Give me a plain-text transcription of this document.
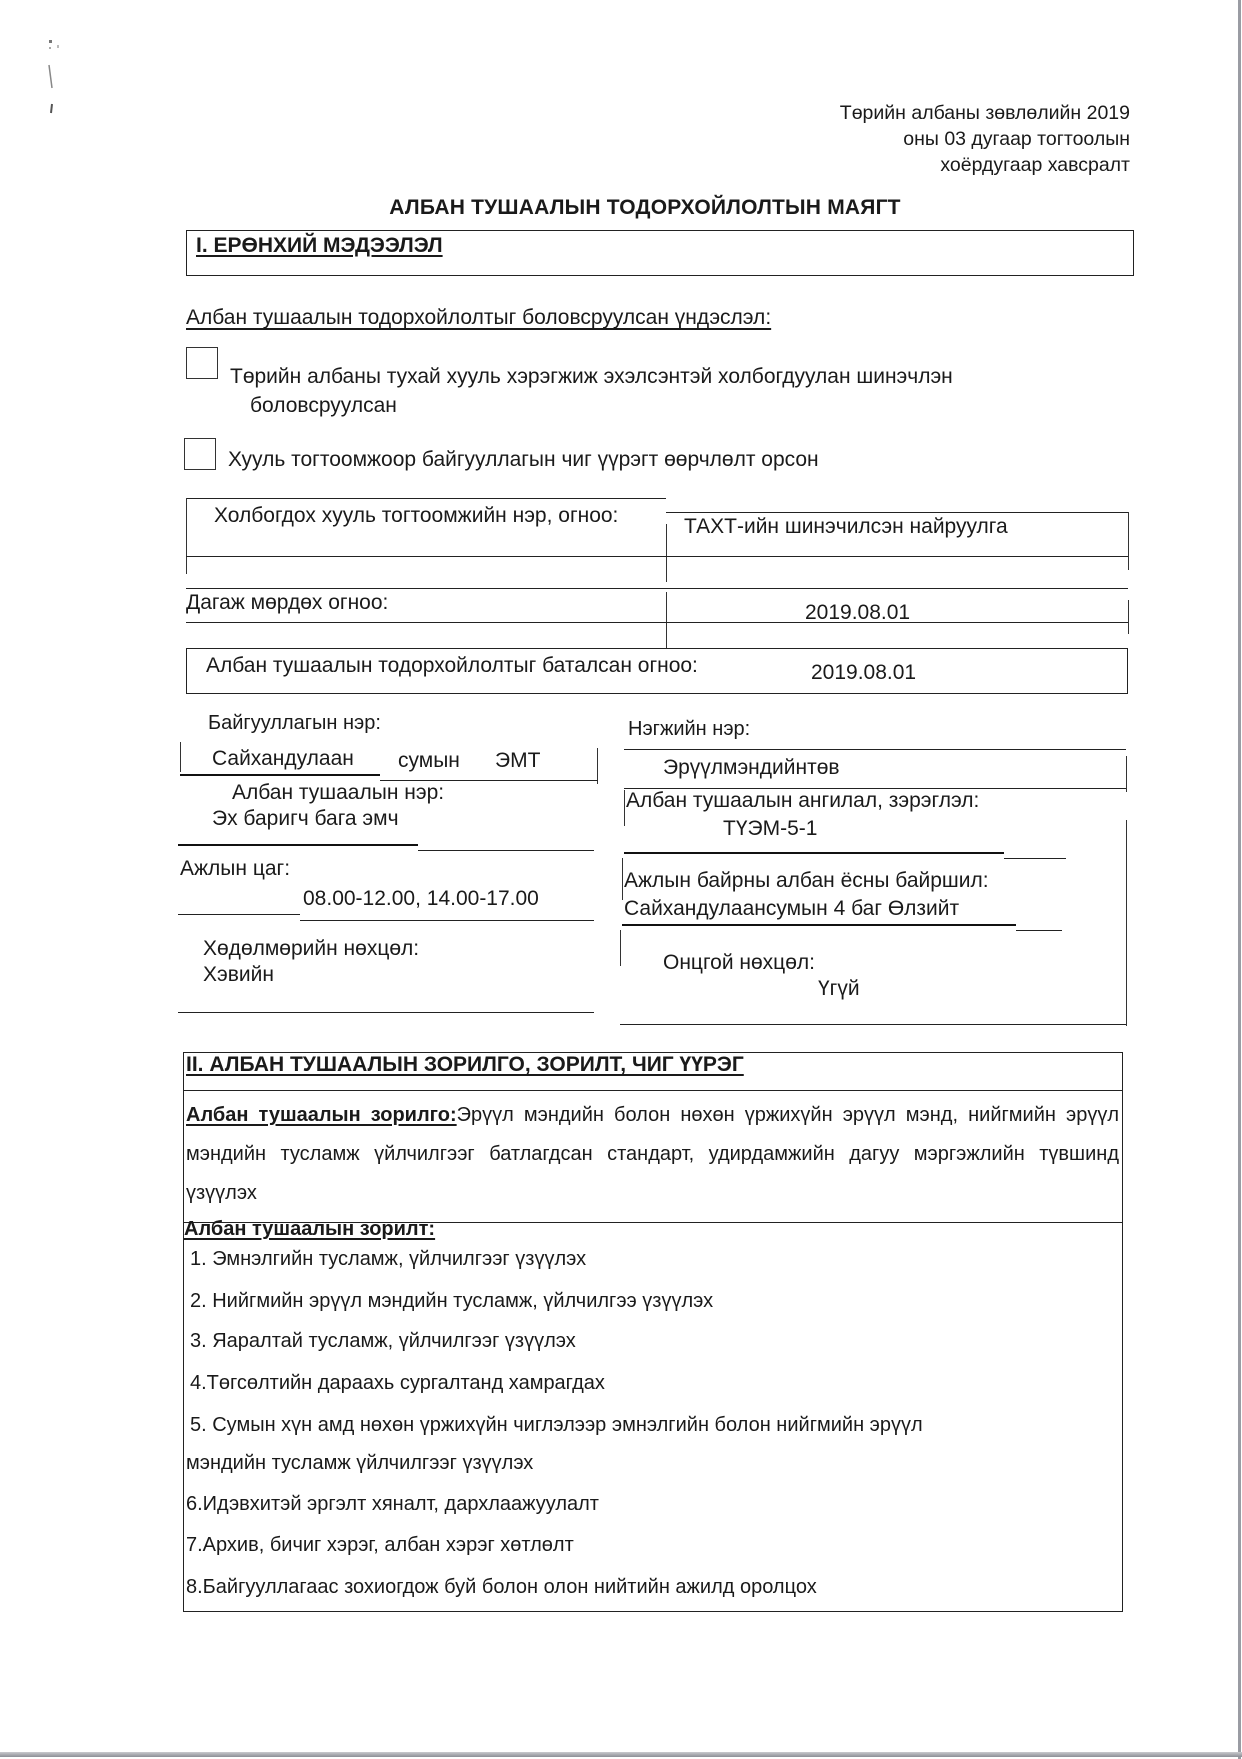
Төрийн албаны зөвлөлийн 2019
оны 03 дугаар тогтоолын
хоёрдугаар хавсралт
АЛБАН ТУШААЛЫН ТОДОРХОЙЛОЛТЫН МАЯГТ
I. ЕРӨНХИЙ МЭДЭЭЛЭЛ
Албан тушаалын тодорхойлолтыг боловсруулсан үндэслэл:
Төрийн албаны тухай хууль хэрэгжиж эхэлсэнтэй холбогдуулан шинэчлэн
боловсруулсан
Хууль тогтоомжоор байгууллагын чиг үүрэгт өөрчлөлт орсон
Холбогдох хууль тогтоомжийн нэр, огноо:	ТАХТ-ийн шинэчилсэн найруулга
Дагаж мөрдөх огноо:	2019.08.01
Албан тушаалын тодорхойлолтыг баталсан огноо:	2019.08.01
Байгууллагын нэр:
Сайхандулаан сумын ЭМТ
Албан тушаалын нэр:
Эх баригч бага эмч
Ажлын цаг:
08.00-12.00, 14.00-17.00
Хөдөлмөрийн нөхцөл:
Хэвийн
Нэгжийн нэр:
Эрүүлмэндийнтөв
Албан тушаалын ангилал, зэрэглэл:
ТҮЭМ-5-1
Ажлын байрны албан ёсны байршил:
Сайхандулаансумын 4 баг Өлзийт
Онцгой нөхцөл:
Үгүй
II. АЛБАН ТУШААЛЫН ЗОРИЛГО, ЗОРИЛТ, ЧИГ ҮҮРЭГ
Албан тушаалын зорилго:Эрүүл мэндийн болон нөхөн үржихүйн эрүүл мэнд, нийгмийн эрүүл мэндийн тусламж үйлчилгээг батлагдсан стандарт, удирдамжийн дагуу мэргэжлийн түвшинд үзүүлэх
Албан тушаалын зорилт:
1. Эмнэлгийн тусламж, үйлчилгээг үзүүлэх
2. Нийгмийн эрүүл мэндийн тусламж, үйлчилгээ үзүүлэх
3. Яаралтай тусламж, үйлчилгээг үзүүлэх
4.Төгсөлтийн дараахь сургалтанд хамрагдах
5. Сумын хүн амд нөхөн үржихүйн чиглэлээр эмнэлгийн болон нийгмийн эрүүл
мэндийн тусламж үйлчилгээг үзүүлэх
6.Идэвхитэй эргэлт хяналт, дархлаажуулалт
7.Архив, бичиг хэрэг, албан хэрэг хөтлөлт
8.Байгууллагаас зохиогдож буй болон олон нийтийн ажилд оролцох
